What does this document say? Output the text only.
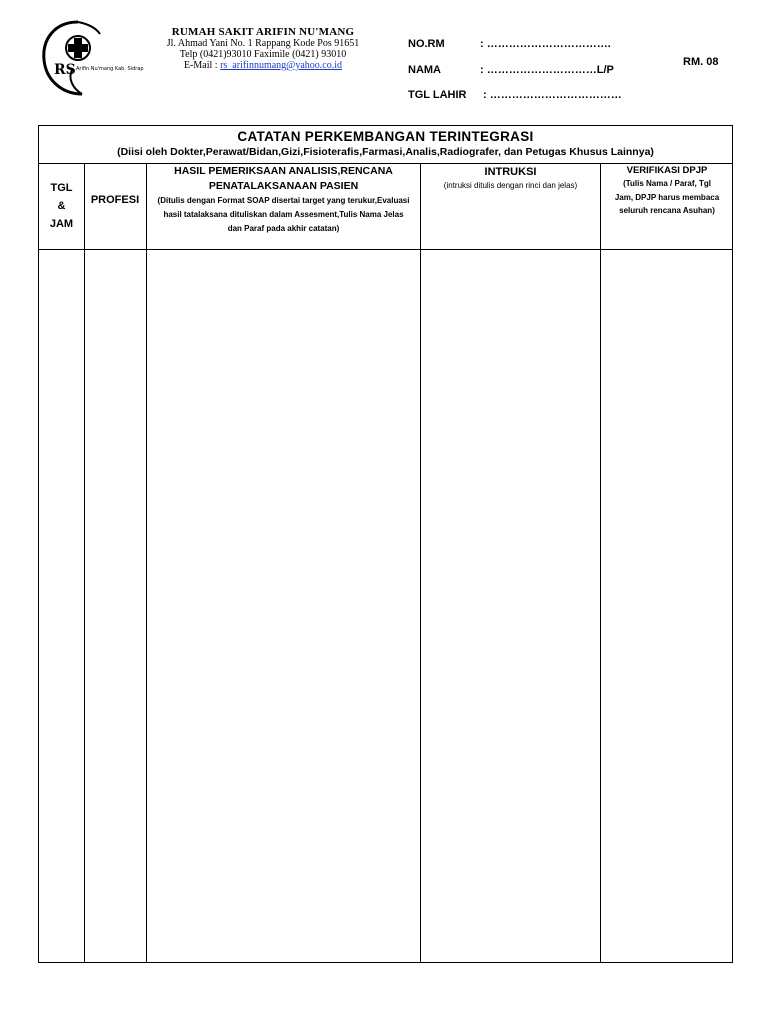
RS Arifin Nu'mang Kab. Sidrap
RUMAH SAKIT ARIFIN NU'MANG
Jl. Ahmad Yani No. 1 Rappang Kode Pos 91651
Telp (0421)93010 Faximile (0421) 93010
E-Mail : rs_arifinnumang@yahoo.co.id
NO.RM	: …………………………….
NAMA	: …………………………L/P
TGL LAHIR : ………………………………
RM. 08
CATATAN PERKEMBANGAN TERINTEGRASI
(Diisi oleh Dokter,Perawat/Bidan,Gizi,Fisioterafis,Farmasi,Analis,Radiografer, dan Petugas Khusus Lainnya)
TGL
&
JAM
PROFESI
HASIL PEMERIKSAAN ANALISIS,RENCANA PENATALAKSANAAN PASIEN
(Ditulis dengan Format SOAP disertai target yang terukur,Evaluasi hasil tatalaksana dituliskan dalam Assesment,Tulis Nama Jelas dan Paraf pada akhir catatan)
INTRUKSI
(intruksi ditulis dengan rinci dan jelas)
VERIFIKASI DPJP
(Tulis Nama / Paraf, Tgl Jam, DPJP harus membaca seluruh rencana Asuhan)
